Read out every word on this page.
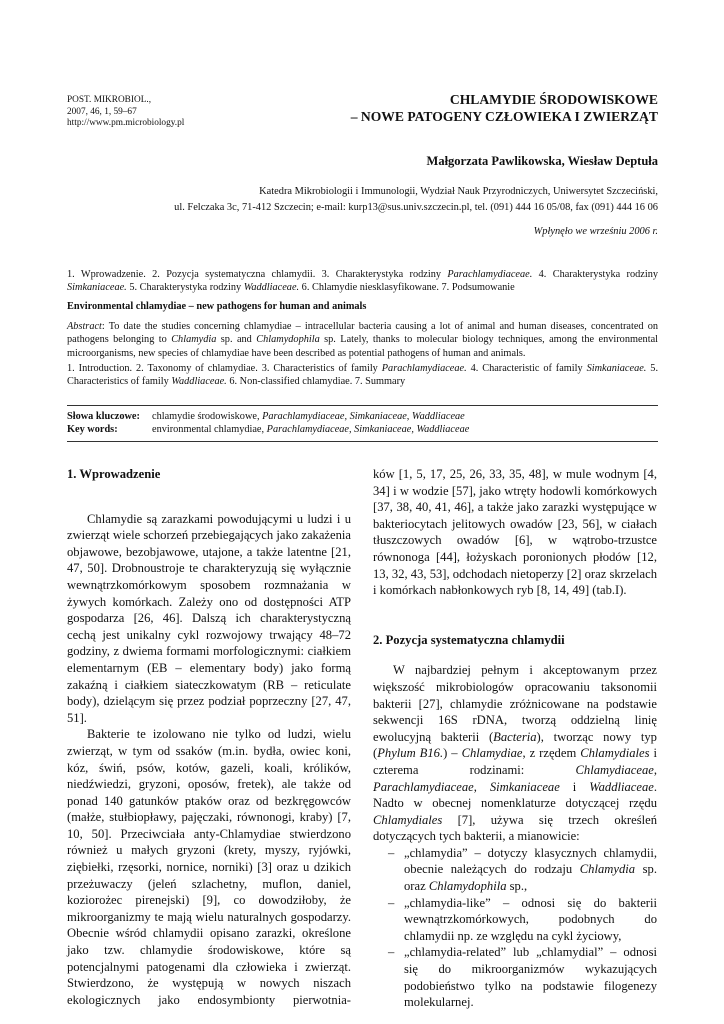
POST. MIKROBIOL.,
2007, 46, 1, 59–67
http://www.pm.microbiology.pl
CHLAMYDIE ŚRODOWISKOWE
– NOWE PATOGENY CZŁOWIEKA I ZWIERZĄT
Małgorzata Pawlikowska, Wiesław Deptuła
Katedra Mikrobiologii i Immunologii, Wydział Nauk Przyrodniczych, Uniwersytet Szczeciński,
ul. Felczaka 3c, 71-412 Szczecin; e-mail: kurp13@sus.univ.szczecin.pl, tel. (091) 444 16 05/08, fax (091) 444 16 06
Wpłynęło we wrześniu 2006 r.
1. Wprowadzenie. 2. Pozycja systematyczna chlamydii. 3. Charakterystyka rodziny Parachlamydiaceae. 4. Charakterystyka rodziny Simkaniaceae. 5. Charakterystyka rodziny Waddliaceae. 6. Chlamydie niesklasyfikowane. 7. Podsumowanie
Environmental chlamydiae – new pathogens for human and animals
Abstract: To date the studies concerning chlamydiae – intracellular bacteria causing a lot of animal and human diseases, concentrated on pathogens belonging to Chlamydia sp. and Chlamydophila sp. Lately, thanks to molecular biology techniques, among the environmental microorganisms, new species of chlamydiae have been described as potential pathogens of human and animals.
1. Introduction. 2. Taxonomy of chlamydiae. 3. Characteristics of family Parachlamydiaceae. 4. Characteristic of family Simkaniaceae. 5. Characteristics of family Waddliaceae. 6. Non-classified chlamydiae. 7. Summary
Słowa kluczowe:	chlamydie środowiskowe, Parachlamydiaceae, Simkaniaceae, Waddliaceae
Key words:	environmental chlamydiae, Parachlamydiaceae, Simkaniaceae, Waddliaceae
1. Wprowadzenie

Chlamydie są zarazkami powodującymi u ludzi i u zwierząt wiele schorzeń przebiegających jako zakażenia objawowe, bezobjawowe, utajone, a także latentne [21, 47, 50]. Drobnoustroje te charakteryzują się wyłącznie wewnątrzkomórkowym sposobem rozmnażania w żywych komórkach. Zależy ono od dostępności ATP gospodarza [26, 46]. Dalszą ich charakterystyczną cechą jest unikalny cykl rozwojowy trwający 48–72 godziny, z dwiema formami morfologicznymi: ciałkiem elementarnym (EB – elementary body) jako formą zakaźną i ciałkiem siateczkowatym (RB – reticulate body), dzielącym się przez podział poprzeczny [27, 47, 51].

Bakterie te izolowano nie tylko od ludzi, wielu zwierząt, w tym od ssaków (m.in. bydła, owiec koni, kóz, świń, psów, kotów, gazeli, koali, królików, niedźwiedzi, gryzoni, oposów, fretek), ale także od ponad 140 gatunków ptaków oraz od bezkręgowców (małże, stułbiopławy, pajęczaki, równonogi, kraby) [7, 10, 50]. Przeciwciała anty-Chlamydiae stwierdzono również u małych gryzoni (krety, myszy, ryjówki, ziębiełki, rzęsorki, nornice, norniki) [3] oraz u dzikich przeżuwaczy (jeleń szlachetny, muflon, daniel, koziorożec pirenejski) [9], co dowodziłoby, że mikroorganizmy te mają wielu naturalnych gospodarzy. Obecnie wśród chlamydii opisano zarazki, określone jako tzw. chlamydie środowiskowe, które są potencjalnymi patogenami dla człowieka i zwierząt. Stwierdzono, że występują w nowych niszach ekologicznych jako endosymbionty pierwotnia-

ków [1, 5, 17, 25, 26, 33, 35, 48], w mule wodnym [4, 34] i w wodzie [57], jako wtręty hodowli komórkowych [37, 38, 40, 41, 46], a także jako zarazki występujące w bakteriocytach jelitowych owadów [23, 56], w ciałach tłuszczowych owadów [6], w wątrobo-trzustce równonoga [44], łożyskach poronionych płodów [12, 13, 32, 43, 53], odchodach nietoperzy [2] oraz skrzelach i komórkach nabłonkowych ryb [8, 14, 49] (tab.I).

2. Pozycja systematyczna chlamydii

W najbardziej pełnym i akceptowanym przez większość mikrobiologów opracowaniu taksonomii bakterii [27], chlamydie zróżnicowane na podstawie sekwencji 16S rDNA, tworzą oddzielną linię ewolucyjną bakterii (Bacteria), tworząc nowy typ (Phylum B16.) – Chlamydiae, z rzędem Chlamydiales i czterema rodzinami: Chlamydiaceae, Parachlamydiaceae, Simkaniaceae i Waddliaceae. Nadto w obecnej nomenklaturze dotyczącej rzędu Chlamydiales [7], używa się trzech określeń dotyczących tych bakterii, a mianowicie:

– „chlamydia” – dotyczy klasycznych chlamydii, obecnie należących do rodzaju Chlamydia sp. oraz Chlamydophila sp.,
– „chlamydia-like” – odnosi się do bakterii wewnątrzkomórkowych, podobnych do chlamydii np. ze względu na cykl życiowy,
– „chlamydia-related” lub „chlamydial” – odnosi się do mikroorganizmów wykazujących podobieństwo tylko na podstawie filogenezy molekularnej.
